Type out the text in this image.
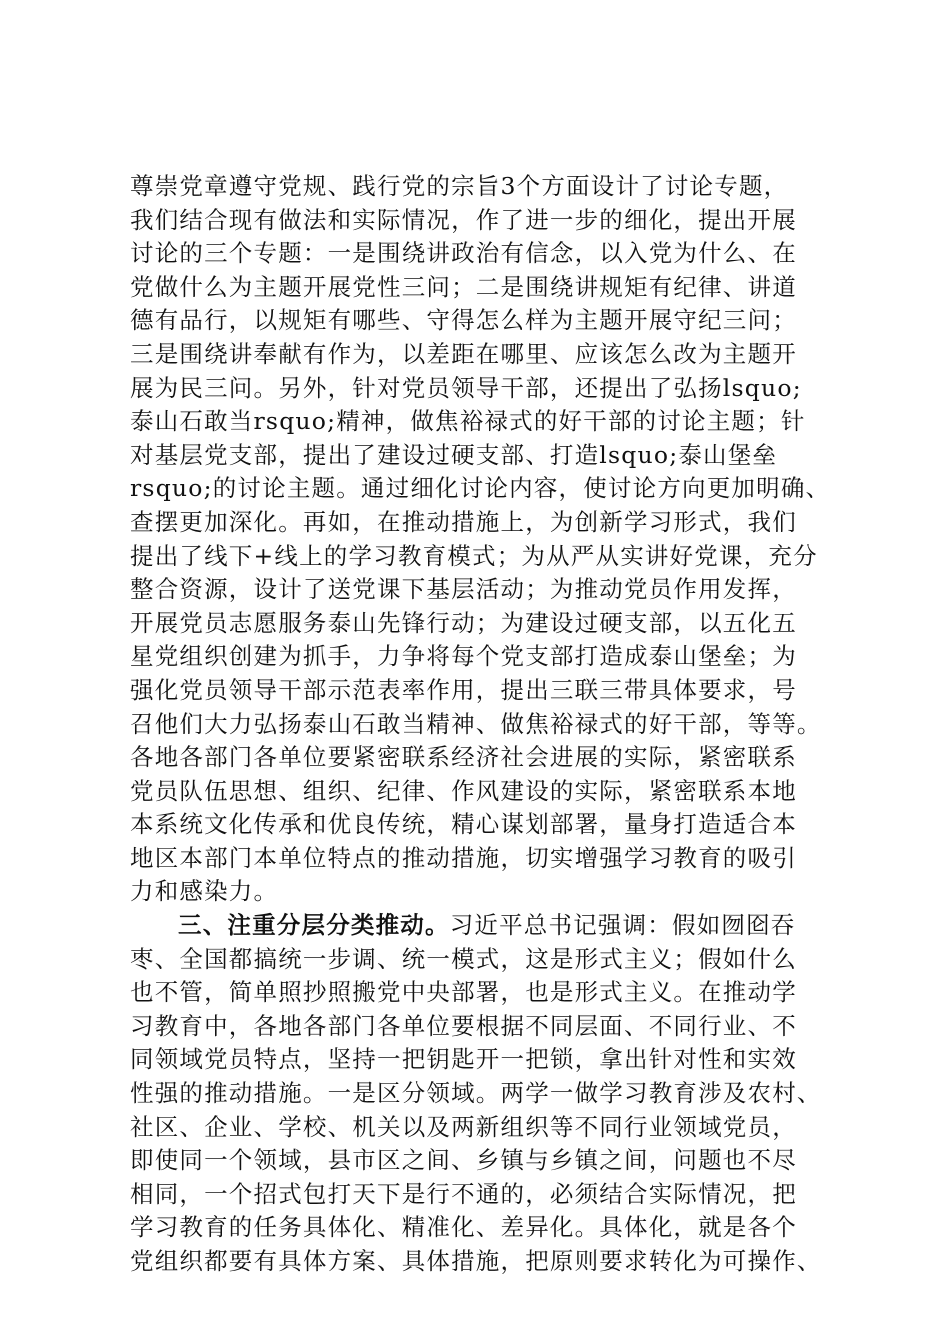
尊崇党章遵守党规、践行党的宗旨3个方面设计了讨论专题，
我们结合现有做法和实际情况，作了进一步的细化，提出开展
讨论的三个专题：一是围绕讲政治有信念，以入党为什么、在
党做什么为主题开展党性三问；二是围绕讲规矩有纪律、讲道
德有品行，以规矩有哪些、守得怎么样为主题开展守纪三问；
三是围绕讲奉献有作为，以差距在哪里、应该怎么改为主题开
展为民三问。另外，针对党员领导干部，还提出了弘扬lsquo;
泰山石敢当rsquo;精神，做焦裕禄式的好干部的讨论主题；针
对基层党支部，提出了建设过硬支部、打造lsquo;泰山堡垒
rsquo;的讨论主题。通过细化讨论内容，使讨论方向更加明确、
查摆更加深化。再如，在推动措施上，为创新学习形式，我们
提出了线下+线上的学习教育模式；为从严从实讲好党课，充分
整合资源，设计了送党课下基层活动；为推动党员作用发挥，
开展党员志愿服务泰山先锋行动；为建设过硬支部，以五化五
星党组织创建为抓手，力争将每个党支部打造成泰山堡垒；为
强化党员领导干部示范表率作用，提出三联三带具体要求，号
召他们大力弘扬泰山石敢当精神、做焦裕禄式的好干部，等等。
各地各部门各单位要紧密联系经济社会进展的实际，紧密联系
党员队伍思想、组织、纪律、作风建设的实际，紧密联系本地
本系统文化传承和优良传统，精心谋划部署，量身打造适合本
地区本部门本单位特点的推动措施，切实增强学习教育的吸引
力和感染力。
三、注重分层分类推动。习近平总书记强调：假如囫囵吞
枣、全国都搞统一步调、统一模式，这是形式主义；假如什么
也不管，简单照抄照搬党中央部署，也是形式主义。在推动学
习教育中，各地各部门各单位要根据不同层面、不同行业、不
同领域党员特点，坚持一把钥匙开一把锁，拿出针对性和实效
性强的推动措施。一是区分领域。两学一做学习教育涉及农村、
社区、企业、学校、机关以及两新组织等不同行业领域党员，
即使同一个领域，县市区之间、乡镇与乡镇之间，问题也不尽
相同，一个招式包打天下是行不通的，必须结合实际情况，把
学习教育的任务具体化、精准化、差异化。具体化，就是各个
党组织都要有具体方案、具体措施，把原则要求转化为可操作、
